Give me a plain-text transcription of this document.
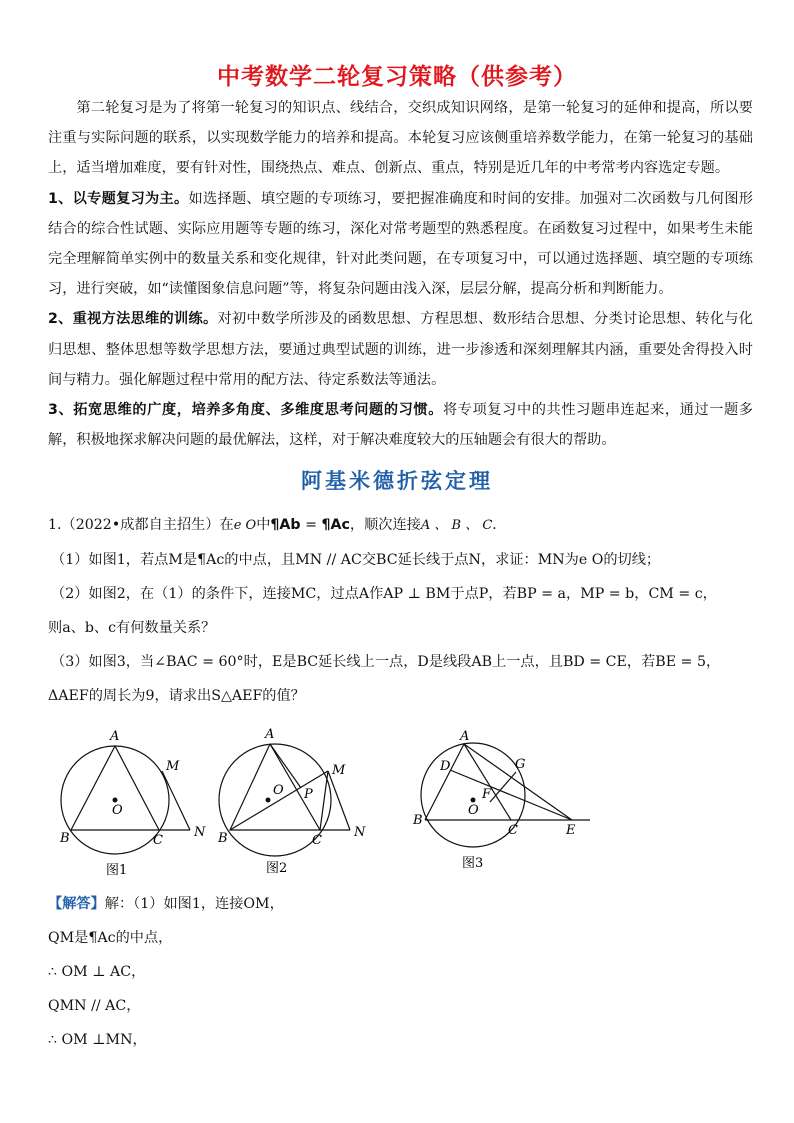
中考数学二轮复习策略（供参考）

第二轮复习是为了将第一轮复习的知识点、线结合，交织成知识网络，是第一轮复习的延伸和提高，所以要注重与实际问题的联系，以实现数学能力的培养和提高。本轮复习应该侧重培养数学能力，在第一轮复习的基础上，适当增加难度，要有针对性，围绕热点、难点、创新点、重点，特别是近几年的中考常考内容选定专题。

1、以专题复习为主。如选择题、填空题的专项练习，要把握准确度和时间的安排。加强对二次函数与几何图形结合的综合性试题、实际应用题等专题的练习，深化对常考题型的熟悉程度。在函数复习过程中，如果考生未能完全理解简单实例中的数量关系和变化规律，针对此类问题，在专项复习中，可以通过选择题、填空题的专项练习，进行突破，如“读懂图象信息问题”等，将复杂问题由浅入深，层层分解，提高分析和判断能力。

2、重视方法思维的训练。对初中数学所涉及的函数思想、方程思想、数形结合思想、分类讨论思想、转化与化归思想、整体思想等数学思想方法，要通过典型试题的训练，进一步渗透和深刻理解其内涵，重要处舍得投入时间与精力。强化解题过程中常用的配方法、待定系数法等通法。

3、拓宽思维的广度，培养多角度、多维度思考问题的习惯。将专项复习中的共性习题串连起来，通过一题多解，积极地探求解决问题的最优解法，这样，对于解决难度较大的压轴题会有很大的帮助。

阿基米德折弦定理

1.（2022•成都自主招生）在e O中¶Ab = ¶Ac，顺次连接A 、 B 、 C．

（1）如图1，若点M是¶Ac的中点，且MN // AC交BC延长线于点N，求证：MN为e O的切线；

（2）如图2，在（1）的条件下，连接MC，过点A作AP ⊥ BM于点P，若BP = a，MP = b，CM = c，

则a、b、c有何数量关系？

（3）如图3，当∠BAC = 60°时，E是BC延长线上一点，D是线段AB上一点，且BD = CE，若BE = 5，

ΔAEF的周长为9，请求出S△AEF的值？

A
B	C
M
N
O
图1
A
B	C
M
N
O P
图2
A
B
C
D
E
F
G
O
图3

【解答】解：（1）如图1，连接OM，

QM是¶Ac的中点，

∴ OM ⊥ AC，

QMN // AC，

∴ OM ⊥MN，
